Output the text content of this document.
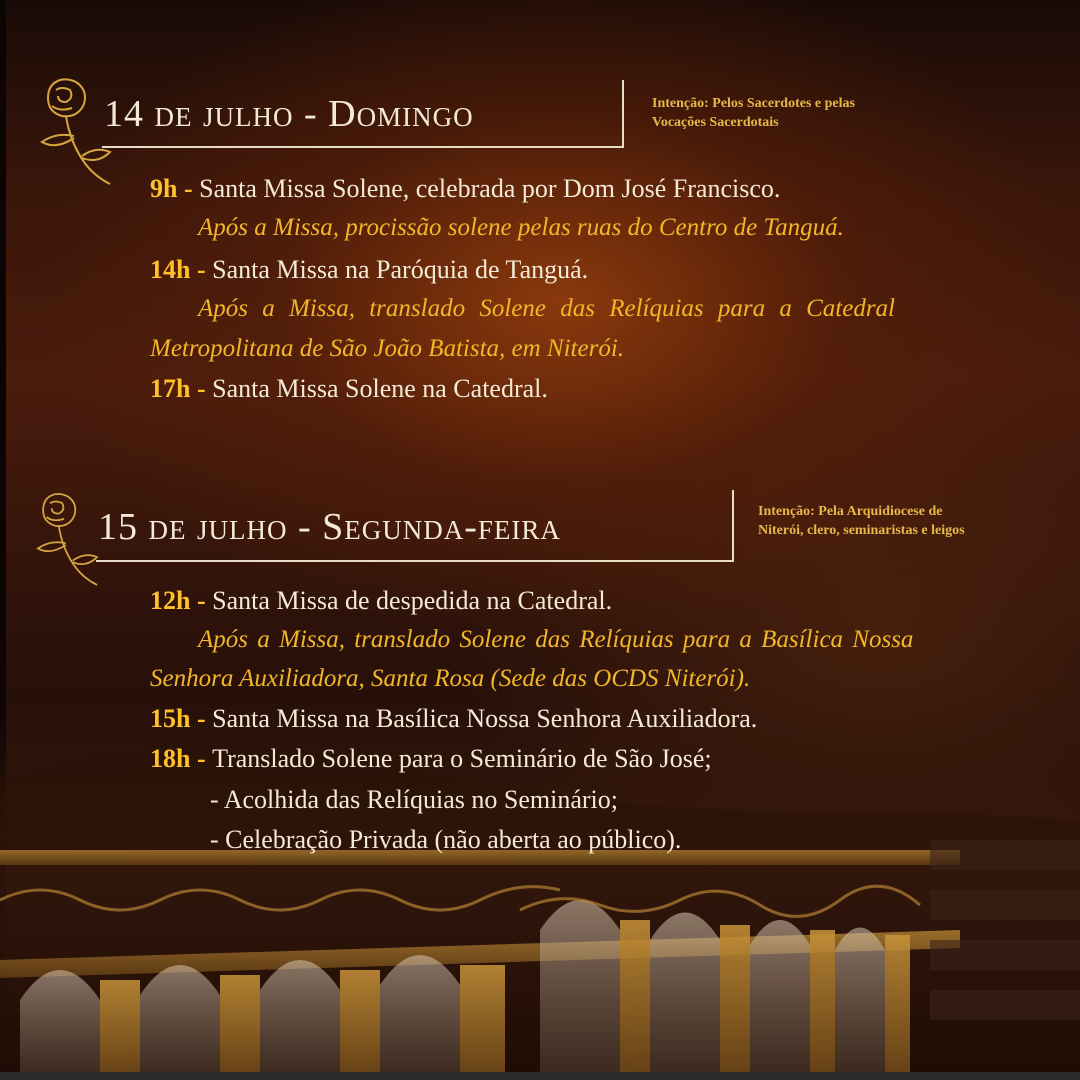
14 de julho - Domingo	Intenção: Pelos Sacerdotes e pelas
Vocações Sacerdotais
9h - Santa Missa Solene, celebrada por Dom José Francisco.
Após a Missa, procissão solene pelas ruas do Centro de Tanguá.
14h - Santa Missa na Paróquia de Tanguá.
Após a Missa, translado Solene das Relíquias para a Catedral
Metropolitana de São João Batista, em Niterói.
17h - Santa Missa Solene na Catedral.
15 de julho - Segunda-feira	Intenção: Pela Arquidiocese de
Niterói, clero, seminaristas e leigos
12h - Santa Missa de despedida na Catedral.
Após a Missa, translado Solene das Relíquias para a Basílica Nossa
Senhora Auxiliadora, Santa Rosa (Sede das OCDS Niterói).
15h - Santa Missa na Basílica Nossa Senhora Auxiliadora.
18h - Translado Solene para o Seminário de São José;
- Acolhida das Relíquias no Seminário;
- Celebração Privada (não aberta ao público).
